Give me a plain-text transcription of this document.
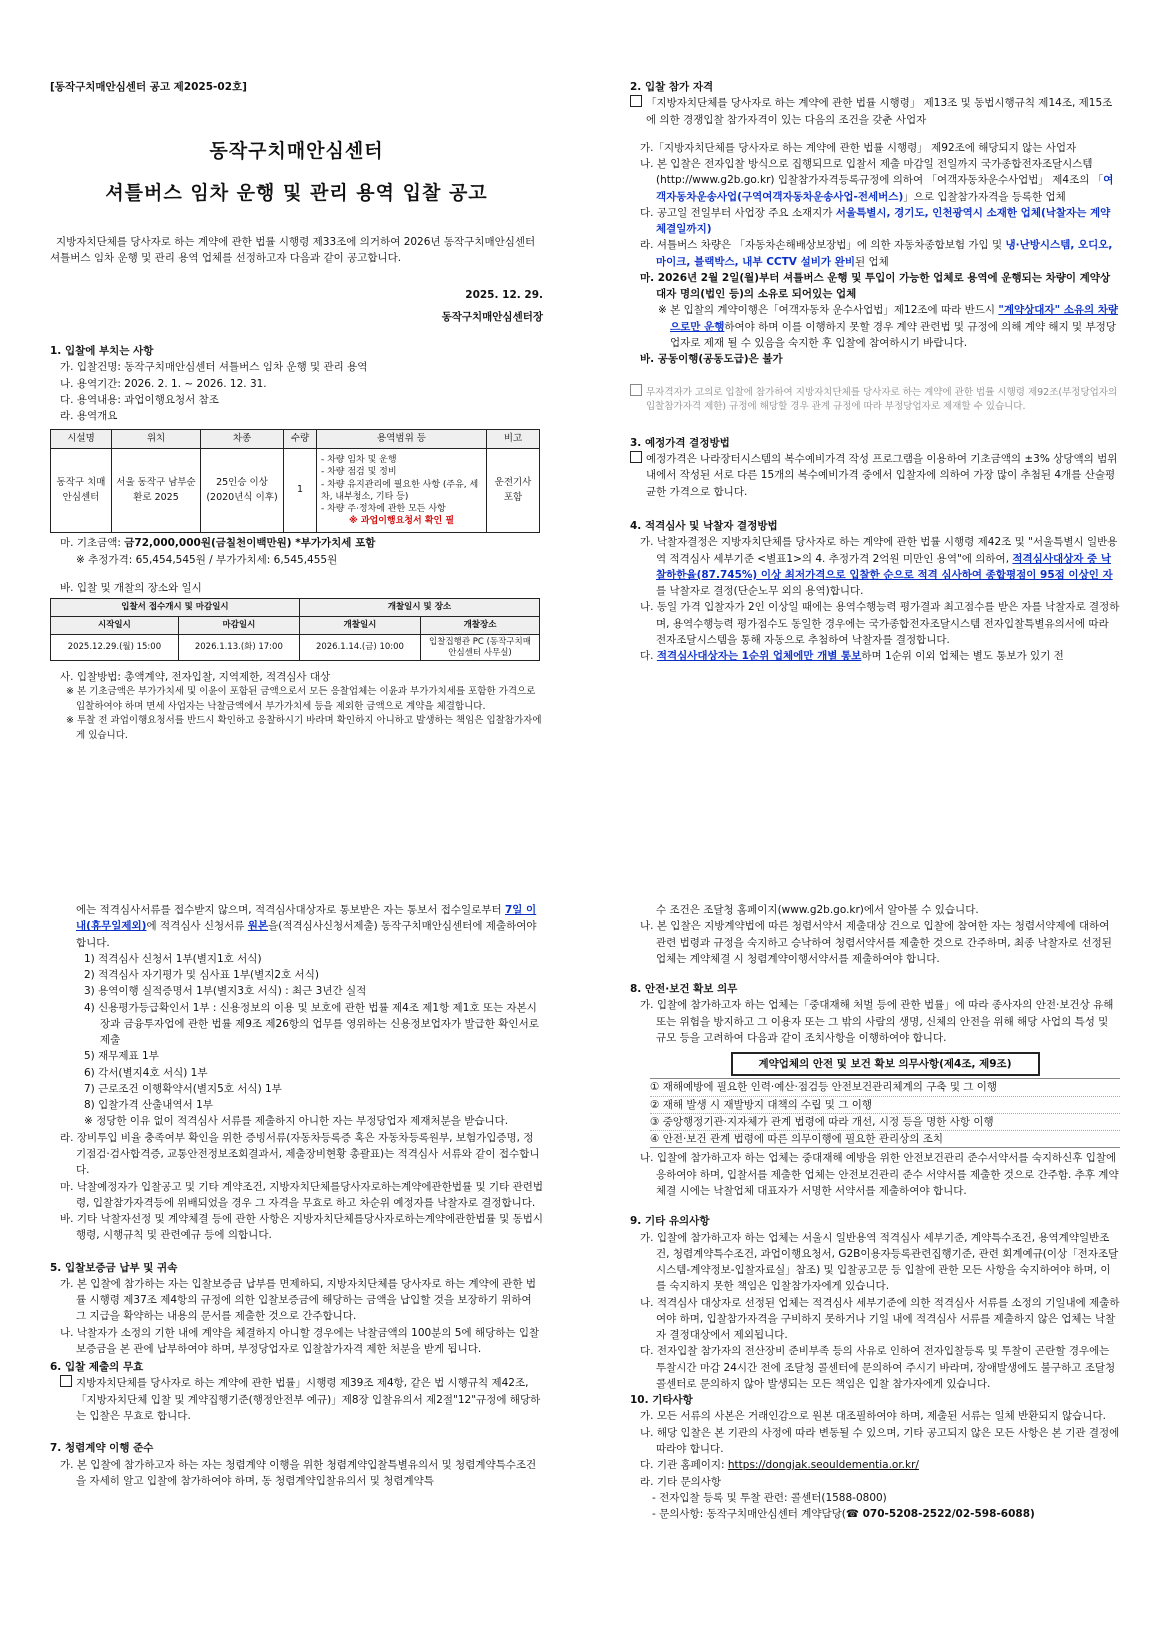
[동작구치매안심센터 공고 제2025-02호]

동작구치매안심센터
셔틀버스 임차 운행 및 관리 용역 입찰 공고

지방자치단체를 당사자로 하는 계약에 관한 법률 시행령 제33조에 의거하여 2026년 동작구치매안심센터 셔틀버스 임차 운행 및 관리 용역 업체를 선정하고자 다음과 같이 공고합니다.

2025. 12. 29.
동작구치매안심센터장
1. 입찰에 부치는 사항
가. 입찰건명: 동작구치매안심센터 셔틀버스 임차 운행 및 관리 용역
나. 용역기간: 2026. 2. 1. ~ 2026. 12. 31.
다. 용역내용: 과업이행요청서 참조
라. 용역개요
시설명	위치	차종	수량	용역범위 등	비고
동작구 치매안심센터	서울 동작구 남부순환로 2025	25인승 이상 (2020년식 이후)	1	- 차량 임차 및 운행
- 차량 점검 및 정비
- 차량 유지관리에 필요한 사항 (주유, 세차, 내부청소, 기타 등)
- 차량 주·정차에 관한 모든 사항
※ 과업이행요청서 확인 필	운전기사 포함
마. 기초금액: 금72,000,000원(금칠천이백만원) *부가가치세 포함
※ 추정가격: 65,454,545원 / 부가가치세: 6,545,455원
바. 입찰 및 개찰의 장소와 일시
입찰서 접수개시 및 마감일시		개찰일시 및 장소	
시작일시	마감일시	개찰일시	개찰장소
2025.12.29.(월) 15:00	2026.1.13.(화) 17:00	2026.1.14.(금) 10:00	입찰집행관 PC (동작구치매안심센터 사무실)
사. 입찰방법: 총액계약, 전자입찰, 지역제한, 적격심사 대상
※ 본 기초금액은 부가가치세 및 이윤이 포함된 금액으로서 모든 응찰업체는 이윤과 부가가치세를 포함한 가격으로 입찰하여야 하며 면세 사업자는 낙찰금액에서 부가가치세 등을 제외한 금액으로 계약을 체결합니다.
※ 투찰 전 과업이행요청서를 반드시 확인하고 응찰하시기 바라며 확인하지 아니하고 발생하는 책임은 입찰참가자에게 있습니다.
2. 입찰 참가 자격
「지방자치단체를 당사자로 하는 계약에 관한 법률 시행령」 제13조 및 동법시행규칙 제14조, 제15조에 의한 경쟁입찰 참가자격이 있는 다음의 조건을 갖춘 사업자
가.「지방자치단체를 당사자로 하는 계약에 관한 법률 시행령」 제92조에 해당되지 않는 사업자
나. 본 입찰은 전자입찰 방식으로 집행되므로 입찰서 제출 마감일 전일까지 국가종합전자조달시스템(http://www.g2b.go.kr) 입찰참가자격등록규정에 의하여 「여객자동차운수사업법」 제4조의 「여객자동차운송사업(구역여객자동차운송사업-전세버스)」으로 입찰참가자격을 등록한 업체
다. 공고일 전일부터 사업장 주요 소재지가 서울특별시, 경기도, 인천광역시 소재한 업체(낙찰자는 계약체결일까지)
라. 셔틀버스 차량은 「자동차손해배상보장법」에 의한 자동차종합보험 가입 및 냉·난방시스템, 오디오, 마이크, 블랙박스, 내부 CCTV 설비가 완비된 업체
마. 2026년 2월 2일(월)부터 셔틀버스 운행 및 투입이 가능한 업체로 용역에 운행되는 차량이 계약상대자 명의(법인 등)의 소유로 되어있는 업체
※ 본 입찰의 계약이행은「여객자동차 운수사업법」제12조에 따라 반드시 "계약상대자" 소유의 차량으로만 운행하여야 하며 이를 이행하지 못할 경우 계약 관련법 및 규정에 의해 계약 해지 및 부정당업자로 제재 될 수 있음을 숙지한 후 입찰에 참여하시기 바랍니다.
바. 공동이행(공동도급)은 불가
무자격자가 고의로 입찰에 참가하여 지방자치단체를 당사자로 하는 계약에 관한 법률 시행령 제92조(부정당업자의 입찰참가자격 제한) 규정에 해당할 경우 관계 규정에 따라 부정당업자로 제재할 수 있습니다.
3. 예정가격 결정방법
예정가격은 나라장터시스템의 복수예비가격 작성 프로그램을 이용하여 기초금액의 ±3% 상당액의 범위 내에서 작성된 서로 다른 15개의 복수예비가격 중에서 입찰자에 의하여 가장 많이 추첨된 4개를 산술평균한 가격으로 합니다.
4. 적격심사 및 낙찰자 결정방법
가. 낙찰자결정은 지방자치단체를 당사자로 하는 계약에 관한 법률 시행령 제42조 및 "서울특별시 일반용역 적격심사 세부기준 <별표1>의 4. 추정가격 2억원 미만인 용역"에 의하여, 적격심사대상자 중 낙찰하한율(87.745%) 이상 최저가격으로 입찰한 순으로 적격 심사하여 종합평점이 95점 이상인 자를 낙찰자로 결정(단순노무 외의 용역)합니다.
나. 동일 가격 입찰자가 2인 이상일 때에는 용역수행능력 평가결과 최고점수를 받은 자를 낙찰자로 결정하며, 용역수행능력 평가점수도 동일한 경우에는 국가종합전자조달시스템 전자입찰특별유의서에 따라 전자조달시스템을 통해 자동으로 추첨하여 낙찰자를 결정합니다.
다. 적격심사대상자는 1순위 업체에만 개별 통보하며 1순위 이외 업체는 별도 통보가 있기 전
에는 적격심사서류를 접수받지 않으며, 적격심사대상자로 통보받은 자는 통보서 접수일로부터 7일 이내(휴무일제외)에 적격심사 신청서류 원본을(적격심사신청서제출) 동작구치매안심센터에 제출하여야 합니다.
1) 적격심사 신청서 1부(별지1호 서식)
2) 적격심사 자기평가 및 심사표 1부(별지2호 서식)
3) 용역이행 실적증명서 1부(별지3호 서식) : 최근 3년간 실적
4) 신용평가등급확인서 1부 : 신용정보의 이용 및 보호에 관한 법률 제4조 제1항 제1호 또는 자본시장과 금융투자업에 관한 법률 제9조 제26항의 업무를 영위하는 신용정보업자가 발급한 확인서로 제출
5) 재무제표 1부
6) 각서(별지4호 서식) 1부
7) 근로조건 이행확약서(별지5호 서식) 1부
8) 입찰가격 산출내역서 1부
※ 정당한 이유 없이 적격심사 서류를 제출하지 아니한 자는 부정당업자 제재처분을 받습니다.
라. 장비투입 비율 충족여부 확인을 위한 증빙서류(자동차등록증 혹은 자동차등록원부, 보험가입증명, 정기점검·검사합격증, 교통안전정보조회결과서, 제출장비현황 총괄표)는 적격심사 서류와 같이 접수합니다.
마. 낙찰예정자가 입찰공고 및 기타 계약조건, 지방자치단체를당사자로하는계약에관한법률 및 기타 관련법령, 입찰참가자격등에 위배되었을 경우 그 자격을 무효로 하고 차순위 예정자를 낙찰자로 결정합니다.
바. 기타 낙찰자선정 및 계약체결 등에 관한 사항은 지방자치단체를당사자로하는계약에관한법률 및 동법시행령, 시행규칙 및 관련예규 등에 의합니다.
5. 입찰보증금 납부 및 귀속
가. 본 입찰에 참가하는 자는 입찰보증금 납부를 면제하되, 지방자치단체를 당사자로 하는 계약에 관한 법률 시행령 제37조 제4항의 규정에 의한 입찰보증금에 해당하는 금액을 납입할 것을 보장하기 위하여 그 지급을 확약하는 내용의 문서를 제출한 것으로 간주합니다.
나. 낙찰자가 소정의 기한 내에 계약을 체결하지 아니할 경우에는 낙찰금액의 100분의 5에 해당하는 입찰보증금을 본 관에 납부하여야 하며, 부정당업자로 입찰참가자격 제한 처분을 받게 됩니다.
6. 입찰 제출의 무효
지방자치단체를 당사자로 하는 계약에 관한 법률」시행령 제39조 제4항, 같은 법 시행규칙 제42조,「지방자치단체 입찰 및 계약집행기준(행정안전부 예규)」제8장 입찰유의서 제2절"12"규정에 해당하는 입찰은 무효로 합니다.
7. 청렴계약 이행 준수
가. 본 입찰에 참가하고자 하는 자는 청렴계약 이행을 위한 청렴계약입찰특별유의서 및 청렴계약특수조건을 자세히 알고 입찰에 참가하여야 하며, 동 청렴계약입찰유의서 및 청렴계약특
수 조건은 조달청 홈페이지(www.g2b.go.kr)에서 알아볼 수 있습니다.
나. 본 입찰은 지방계약법에 따른 청렴서약서 제출대상 건으로 입찰에 참여한 자는 청렴서약제에 대하여 관련 법령과 규정을 숙지하고 승낙하여 청렴서약서를 제출한 것으로 간주하며, 최종 낙찰자로 선정된 업체는 계약체결 시 청렴계약이행서약서를 제출하여야 합니다.
8. 안전·보건 확보 의무
가. 입찰에 참가하고자 하는 업체는「중대재해 처벌 등에 관한 법률」에 따라 종사자의 안전·보건상 유해 또는 위험을 방지하고 그 이용자 또는 그 밖의 사람의 생명, 신체의 안전을 위해 해당 사업의 특성 및 규모 등을 고려하여 다음과 같이 조치사항을 이행하여야 합니다.
계약업체의 안전 및 보건 확보 의무사항(제4조, 제9조)
① 재해예방에 필요한 인력·예산·점검등 안전보건관리체계의 구축 및 그 이행
② 재해 발생 시 재발방지 대책의 수립 및 그 이행
③ 중앙행정기관·지자체가 관계 법령에 따라 개선, 시정 등을 명한 사항 이행
④ 안전·보건 관계 법령에 따른 의무이행에 필요한 관리상의 조치
나. 입찰에 참가하고자 하는 업체는 중대재해 예방을 위한 안전보건관리 준수서약서를 숙지하신후 입찰에 응하여야 하며, 입찰서를 제출한 업체는 안전보건관리 준수 서약서를 제출한 것으로 간주함. 추후 계약 체결 시에는 낙찰업체 대표자가 서명한 서약서를 제출하여야 합니다.
9. 기타 유의사항
가. 입찰에 참가하고자 하는 업체는 서울시 일반용역 적격심사 세부기준, 계약특수조건, 용역계약일반조건, 청렴계약특수조건, 과업이행요청서, G2B이용자등록관련집행기준, 관련 회계예규(이상「전자조달시스템-계약정보-입찰자료실」참조) 및 입찰공고문 등 입찰에 관한 모든 사항을 숙지하여야 하며, 이를 숙지하지 못한 책임은 입찰참가자에게 있습니다.
나. 적격심사 대상자로 선정된 업체는 적격심사 세부기준에 의한 적격심사 서류를 소정의 기일내에 제출하여야 하며, 입찰참가자격을 구비하지 못하거나 기일 내에 적격심사 서류를 제출하지 않은 업체는 낙찰자 결정대상에서 제외됩니다.
다. 전자입찰 참가자의 전산장비 준비부족 등의 사유로 인하여 전자입찰등록 및 투찰이 곤란할 경우에는 투찰시간 마감 24시간 전에 조달청 콜센터에 문의하여 주시기 바라며, 장애발생에도 불구하고 조달청 콜센터로 문의하지 않아 발생되는 모든 책임은 입찰 참가자에게 있습니다.
10. 기타사항
가. 모든 서류의 사본은 거래인감으로 원본 대조필하여야 하며, 제출된 서류는 일체 반환되지 않습니다.
나. 해당 입찰은 본 기관의 사정에 따라 변동될 수 있으며, 기타 공고되지 않은 모든 사항은 본 기관 결정에 따라야 합니다.
다. 기관 홈페이지: https://dongjak.seouldementia.or.kr/
라. 기타 문의사항
- 전자입찰 등록 및 투찰 관련: 콜센터(1588-0800)
- 문의사항: 동작구치매안심센터 계약담당(☎ 070-5208-2522/02-598-6088)
